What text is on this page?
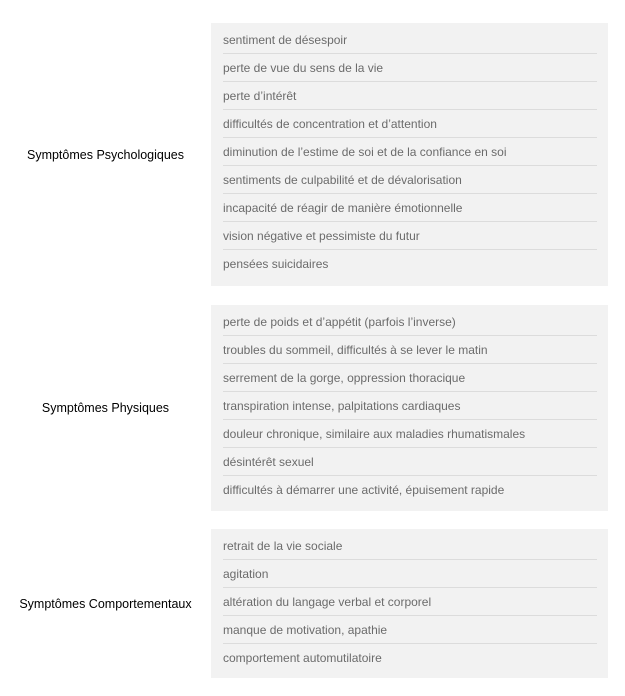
Symptômes Psychologiques
sentiment de désespoir
perte de vue du sens de la vie
perte d’intérêt
difficultés de concentration et d’attention
diminution de l’estime de soi et de la confiance en soi
sentiments de culpabilité et de dévalorisation
incapacité de réagir de manière émotionnelle
vision négative et pessimiste du futur
pensées suicidaires
Symptômes Physiques
perte de poids et d’appétit (parfois l’inverse)
troubles du sommeil, difficultés à se lever le matin
serrement de la gorge, oppression thoracique
transpiration intense, palpitations cardiaques
douleur chronique, similaire aux maladies rhumatismales
désintérêt sexuel
difficultés à démarrer une activité, épuisement rapide
Symptômes Comportementaux
retrait de la vie sociale
agitation
altération du langage verbal et corporel
manque de motivation, apathie
comportement automutilatoire
